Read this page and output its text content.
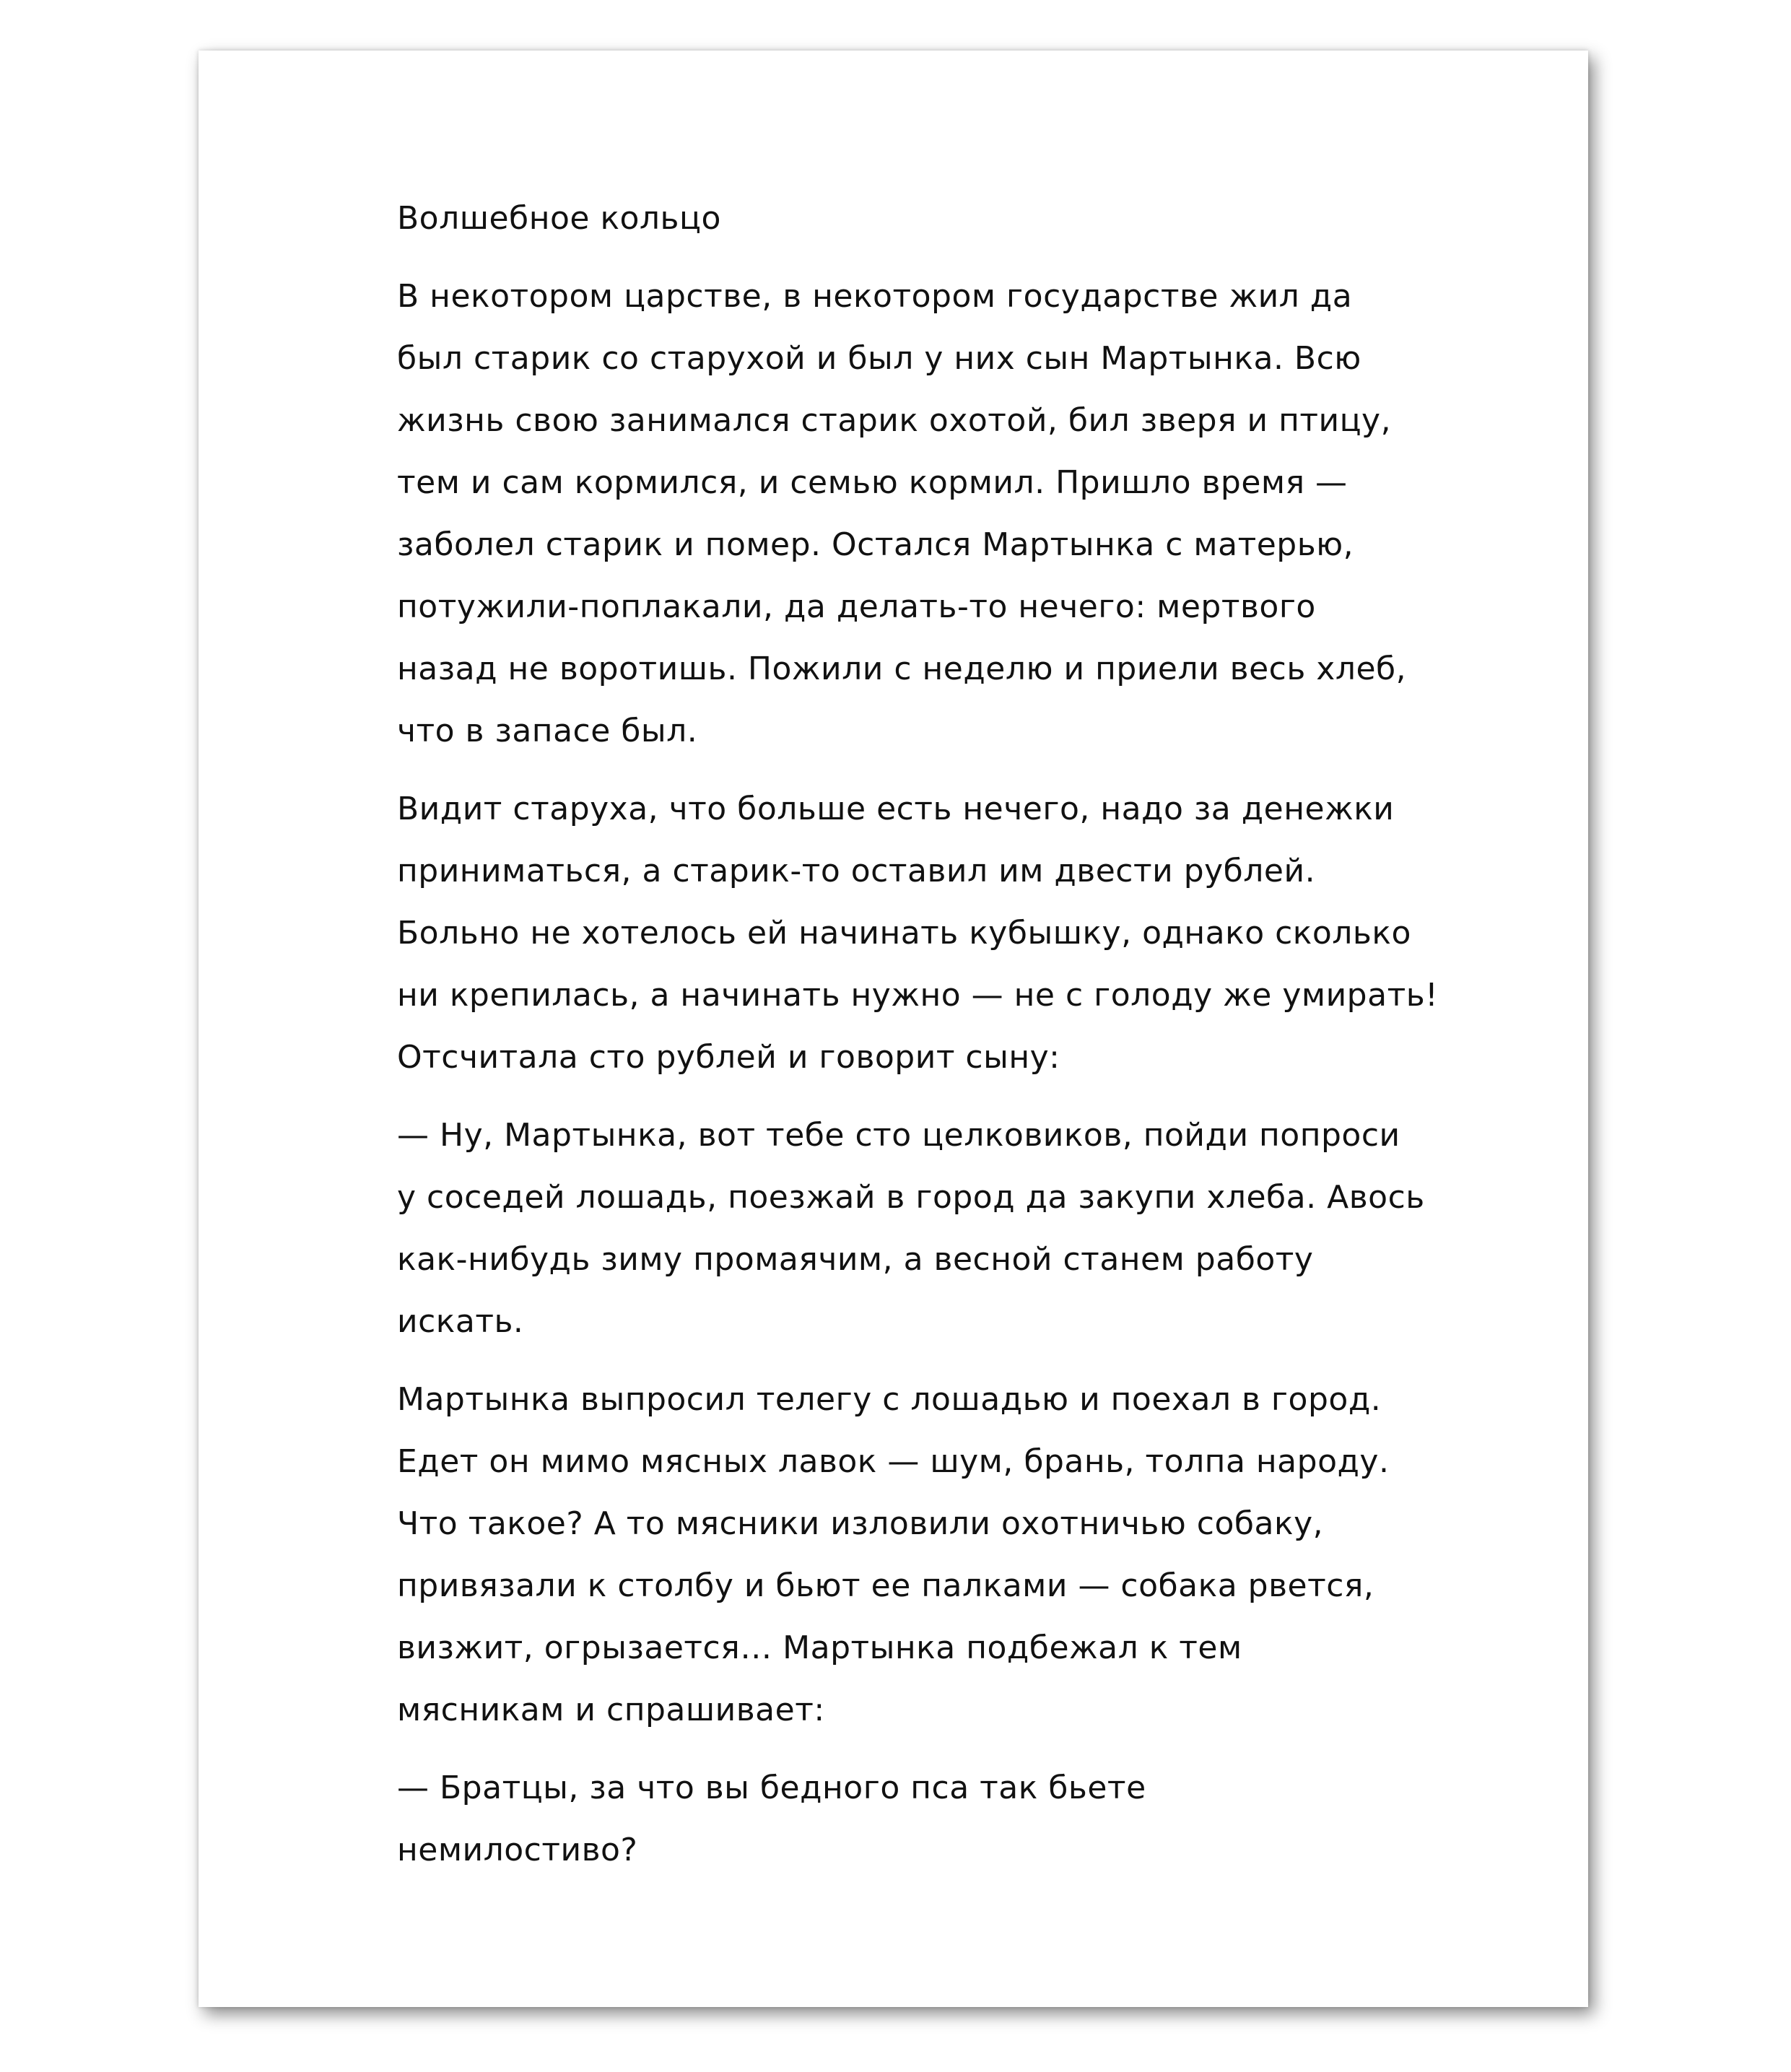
Волшебное кольцо

В некотором царстве, в некотором государстве жил да
был старик со старухой и был у них сын Мартынка. Всю
жизнь свою занимался старик охотой, бил зверя и птицу,
тем и сам кормился, и семью кормил. Пришло время —
заболел старик и помер. Остался Мартынка с матерью,
потужили-поплакали, да делать-то нечего: мертвого
назад не воротишь. Пожили с неделю и приели весь хлеб,
что в запасе был.

Видит старуха, что больше есть нечего, надо за денежки
приниматься, а старик-то оставил им двести рублей.
Больно не хотелось ей начинать кубышку, однако сколько
ни крепилась, а начинать нужно — не с голоду же умирать!
Отсчитала сто рублей и говорит сыну:

— Ну, Мартынка, вот тебе сто целковиков, пойди попроси
у соседей лошадь, поезжай в город да закупи хлеба. Авось
как-нибудь зиму промаячим, а весной станем работу
искать.

Мартынка выпросил телегу с лошадью и поехал в город.
Едет он мимо мясных лавок — шум, брань, толпа народу.
Что такое? А то мясники изловили охотничью собаку,
привязали к столбу и бьют ее палками — собака рвется,
визжит, огрызается… Мартынка подбежал к тем
мясникам и спрашивает:

— Братцы, за что вы бедного пса так бьете
немилостиво?
